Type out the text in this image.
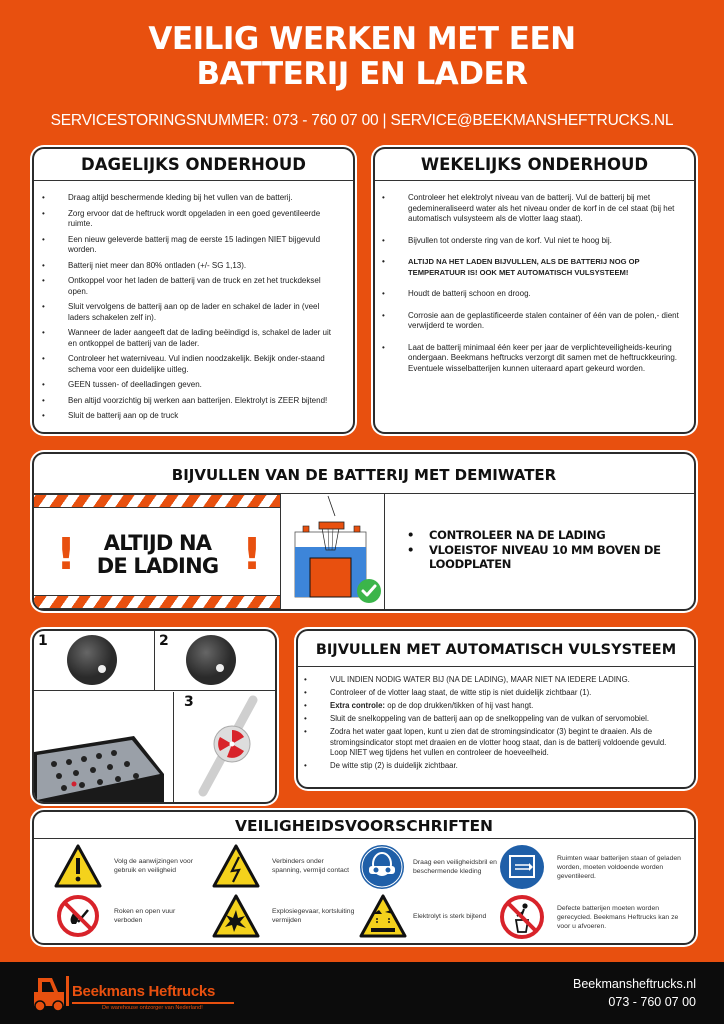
VEILIG WERKEN MET EEN
BATTERIJ EN LADER
SERVICESTORINGSNUMMER: 073 - 760 07 00 | SERVICE@BEEKMANSHEFTRUCKS.NL
DAGELIJKS ONDERHOUD
• Draag altijd beschermende kleding bij het vullen van de batterij.
• Zorg ervoor dat de heftruck wordt opgeladen in een goed geventileerde ruimte.
• Een nieuw geleverde batterij mag de eerste 15 ladingen NIET bijgevuld worden.
• Batterij niet meer dan 80% ontladen (+/- SG 1,13).
• Ontkoppel voor het laden de batterij van de truck en zet het truckdeksel open.
• Sluit vervolgens de batterij aan op de lader en schakel de lader in (veel laders schakelen zelf in).
• Wanneer de lader aangeeft dat de lading beëindigd is, schakel de lader uit en ontkoppel de batterij van de lader.
• Controleer het waterniveau. Vul indien noodzakelijk. Bekijk onder-staand schema voor een duidelijke uitleg.
• GEEN tussen- of deelladingen geven.
• Ben altijd voorzichtig bij werken aan batterijen. Elektrolyt is ZEER bijtend!
• Sluit de batterij aan op de truck
WEKELIJKS ONDERHOUD
• Controleer het elektrolyt niveau van de batterij. Vul de batterij bij met gedemineraliseerd water als het niveau onder de korf in de cel staat (bij het automatisch vulsysteem als de vlotter laag staat).
• Bijvullen tot onderste ring van de korf. Vul niet te hoog bij.
• ALTIJD NA HET LADEN BIJVULLEN, ALS DE BATTERIJ NOG OP TEMPERATUUR IS! OOK MET AUTOMATISCH VULSYSTEEM!
• Houdt de batterij schoon en droog.
• Corrosie aan de geplastificeerde stalen container of één van de polen,- dient verwijderd te worden.
• Laat de batterij minimaal één keer per jaar de verplichteveiligheids-keuring ondergaan. Beekmans heftrucks verzorgt dit samen met de heftruckkeuring. Eventuele wisselbatterijen kunnen uiteraard apart gekeurd worden.
BIJVULLEN VAN DE BATTERIJ MET DEMIWATER
!	ALTIJD NA
DE LADING !	• CONTROLEER NA DE LADING
• VLOEISTOF NIVEAU 10 MM BOVEN DE LOODPLATEN
1	2
3
BIJVULLEN MET AUTOMATISCH VULSYSTEEM
• VUL INDIEN NODIG WATER BIJ (NA DE LADING), MAAR NIET NA IEDERE LADING.
• Controleer of de vlotter laag staat, de witte stip is niet duidelijk zichtbaar (1).
• Extra controle: op de dop drukken/tikken of hij vast hangt.
• Sluit de snelkoppeling van de batterij aan op de snelkoppeling van de vulkan of servomobiel.
• Zodra het water gaat lopen, kunt u zien dat de stromingsindicator (3) begint te draaien. Als de stromingsindicator stopt met draaien en de vlotter hoog staat, dan is de batterij voldoende gevuld. Loop NIET weg tijdens het vullen en controleer de hoeveelheid.
• De witte stip (2) is duidelijk zichtbaar.
VEILIGHEIDSVOORSCHRIFTEN
Volg de aanwijzingen voor gebruik en veiligheid
Verbinders onder spanning, vermijd contact
Draag een veiligheidsbril en beschermende kleding
Ruimten waar batterijen staan of geladen worden, moeten voldoende worden geventileerd.
Roken en open vuur verboden
Explosiegevaar, kortsluiting vermijden
Elektrolyt is sterk bijtend
Defecte batterijen moeten worden gerecycled. Beekmans Heftrucks kan ze voor u afvoeren.
Beekmans Heftrucks
De warehouse ontzorger van Nederland!
Beekmansheftrucks.nl
073 - 760 07 00
